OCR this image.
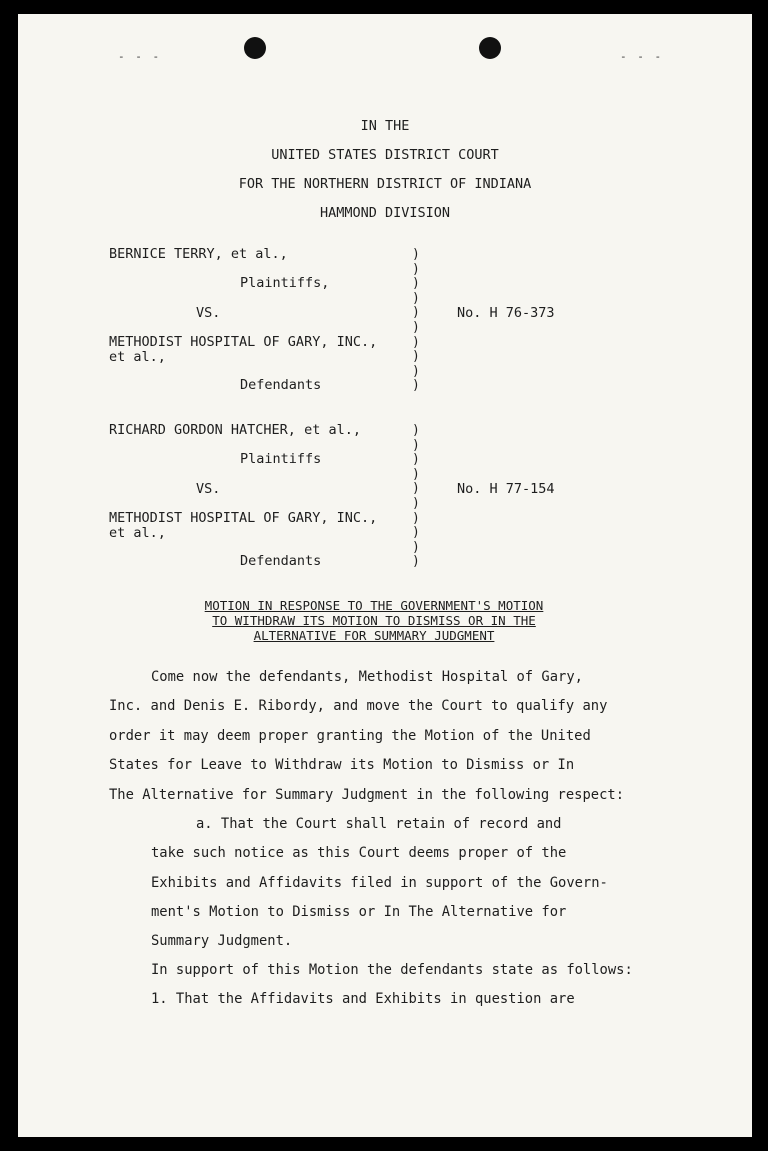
- - -	- - -
IN THE
UNITED STATES DISTRICT COURT
FOR THE NORTHERN DISTRICT OF INDIANA
HAMMOND DIVISION
BERNICE TERRY, et al.,
Plaintiffs,
VS.
METHODIST HOSPITAL OF GARY, INC.,
et al.,
Defendants
)
)
)
)
)
)
)
)
)
)
No. H 76-373
RICHARD GORDON HATCHER, et al.,
Plaintiffs
VS.
METHODIST HOSPITAL OF GARY, INC.,
et al.,
Defendants
)
)
)
)
)
)
)
)
)
)
No. H 77-154
MOTION IN RESPONSE TO THE GOVERNMENT'S MOTION
TO WITHDRAW ITS MOTION TO DISMISS OR IN THE
ALTERNATIVE FOR SUMMARY JUDGMENT
Come now the defendants, Methodist Hospital of Gary,
Inc. and Denis E. Ribordy, and move the Court to qualify any
order it may deem proper granting the Motion of the United
States for Leave to Withdraw its Motion to Dismiss or In
The Alternative for Summary Judgment in the following respect:
a. That the Court shall retain of record and
take such notice as this Court deems proper of the
Exhibits and Affidavits filed in support of the Govern-
ment's Motion to Dismiss or In The Alternative for
Summary Judgment.
In support of this Motion the defendants state as follows:
1. That the Affidavits and Exhibits in question are
